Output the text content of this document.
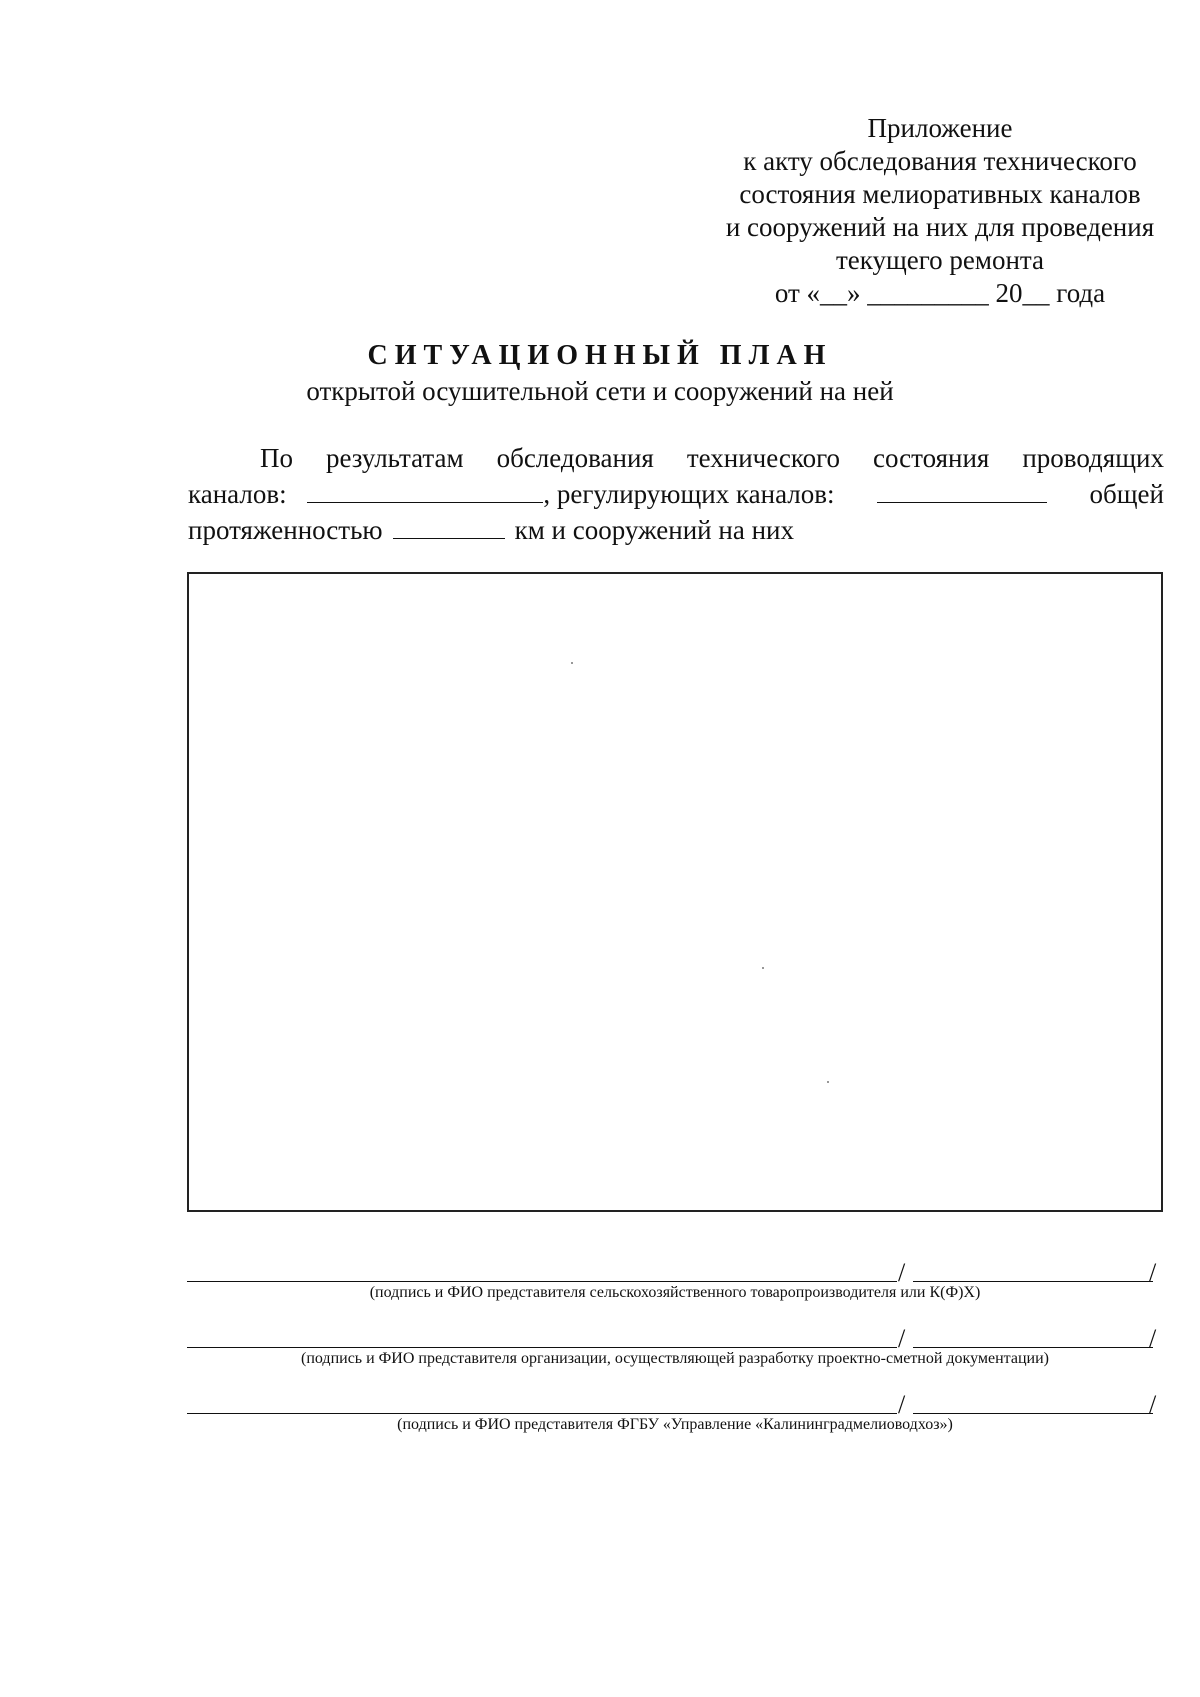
Приложение
к акту обследования технического
состояния мелиоративных каналов
и сооружений на них для проведения
текущего ремонта
от «__» _________ 20__ года
СИТУАЦИОННЫЙ ПЛАН
открытой осушительной сети и сооружений на ней
По результатам обследования технического состояния проводящих
каналов:	, регулирующих каналов:	общей
протяженностью	км и сооружений на них
/	/
(подпись и ФИО представителя сельскохозяйственного товаропроизводителя или К(Ф)Х)
/	/
(подпись и ФИО представителя организации, осуществляющей разработку проектно-сметной документации)
/	/
(подпись и ФИО представителя ФГБУ «Управление «Калининградмелиоводхоз»)
